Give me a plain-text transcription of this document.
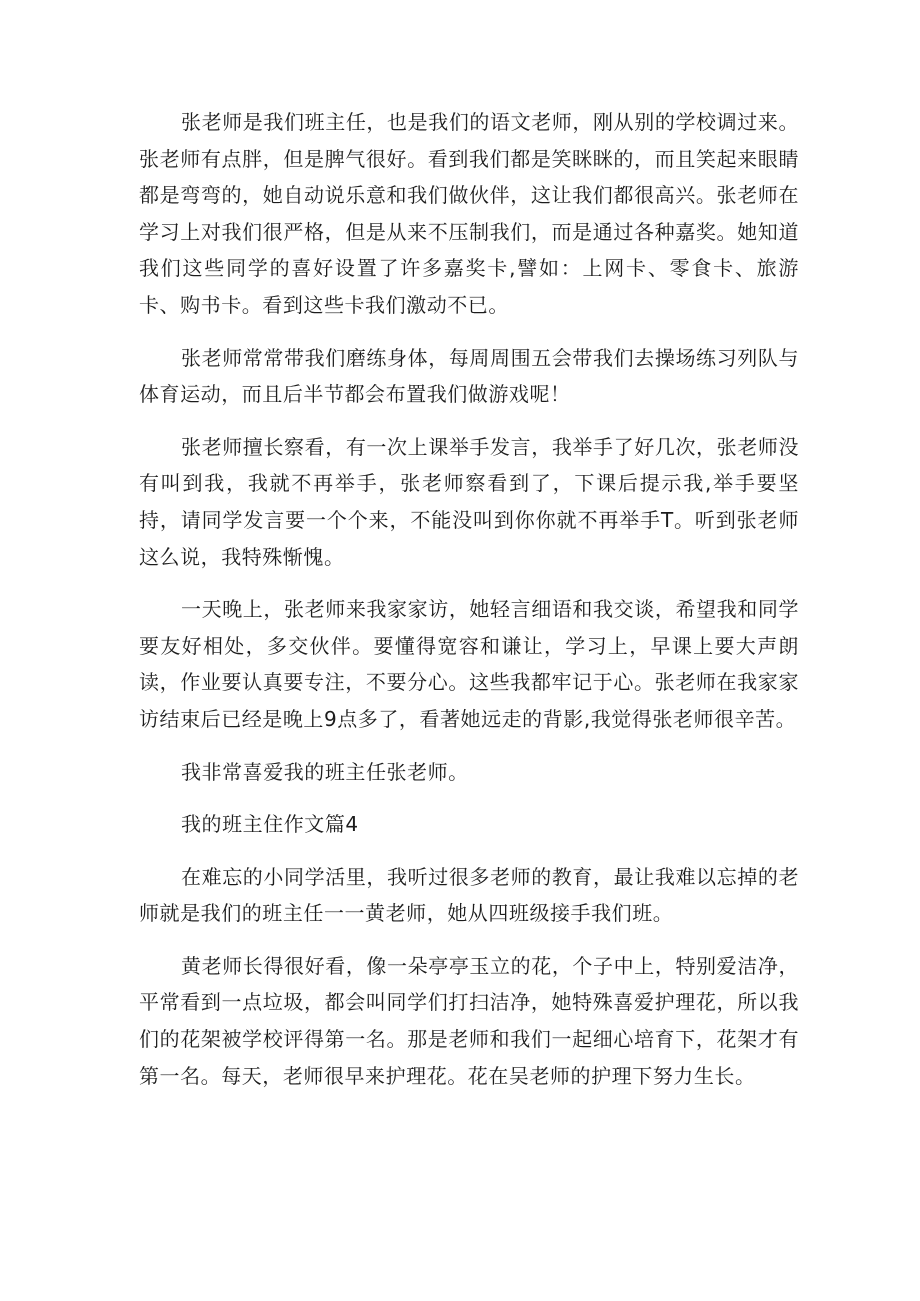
张老师是我们班主任，也是我们的语文老师，刚从别的学校调过来。张老师有点胖，但是脾气很好。看到我们都是笑眯眯的，而且笑起来眼睛都是弯弯的，她自动说乐意和我们做伙伴，这让我们都很高兴。张老师在学习上对我们很严格，但是从来不压制我们，而是通过各种嘉奖。她知道我们这些同学的喜好设置了许多嘉奖卡,譬如：上网卡、零食卡、旅游卡、购书卡。看到这些卡我们激动不已。

张老师常常带我们磨练身体，每周周围五会带我们去操场练习列队与体育运动，而且后半节都会布置我们做游戏呢！

张老师擅长察看，有一次上课举手发言，我举手了好几次，张老师没有叫到我，我就不再举手，张老师察看到了，下课后提示我,举手要坚持，请同学发言要一个个来，不能没叫到你你就不再举手T。听到张老师这么说，我特殊惭愧。

一天晚上，张老师来我家家访，她轻言细语和我交谈，希望我和同学要友好相处，多交伙伴。要懂得宽容和谦让，学习上，早课上要大声朗读，作业要认真要专注，不要分心。这些我都牢记于心。张老师在我家家访结束后已经是晚上9点多了，看著她远走的背影,我觉得张老师很辛苦。

我非常喜爱我的班主任张老师。

我的班主住作文篇4

在难忘的小同学活里，我听过很多老师的教育，最让我难以忘掉的老师就是我们的班主任一一黄老师，她从四班级接手我们班。

黄老师长得很好看，像一朵亭亭玉立的花，个子中上，特别爱洁净，平常看到一点垃圾，都会叫同学们打扫洁净，她特殊喜爱护理花，所以我们的花架被学校评得第一名。那是老师和我们一起细心培育下，花架才有第一名。每天，老师很早来护理花。花在吴老师的护理下努力生长。
